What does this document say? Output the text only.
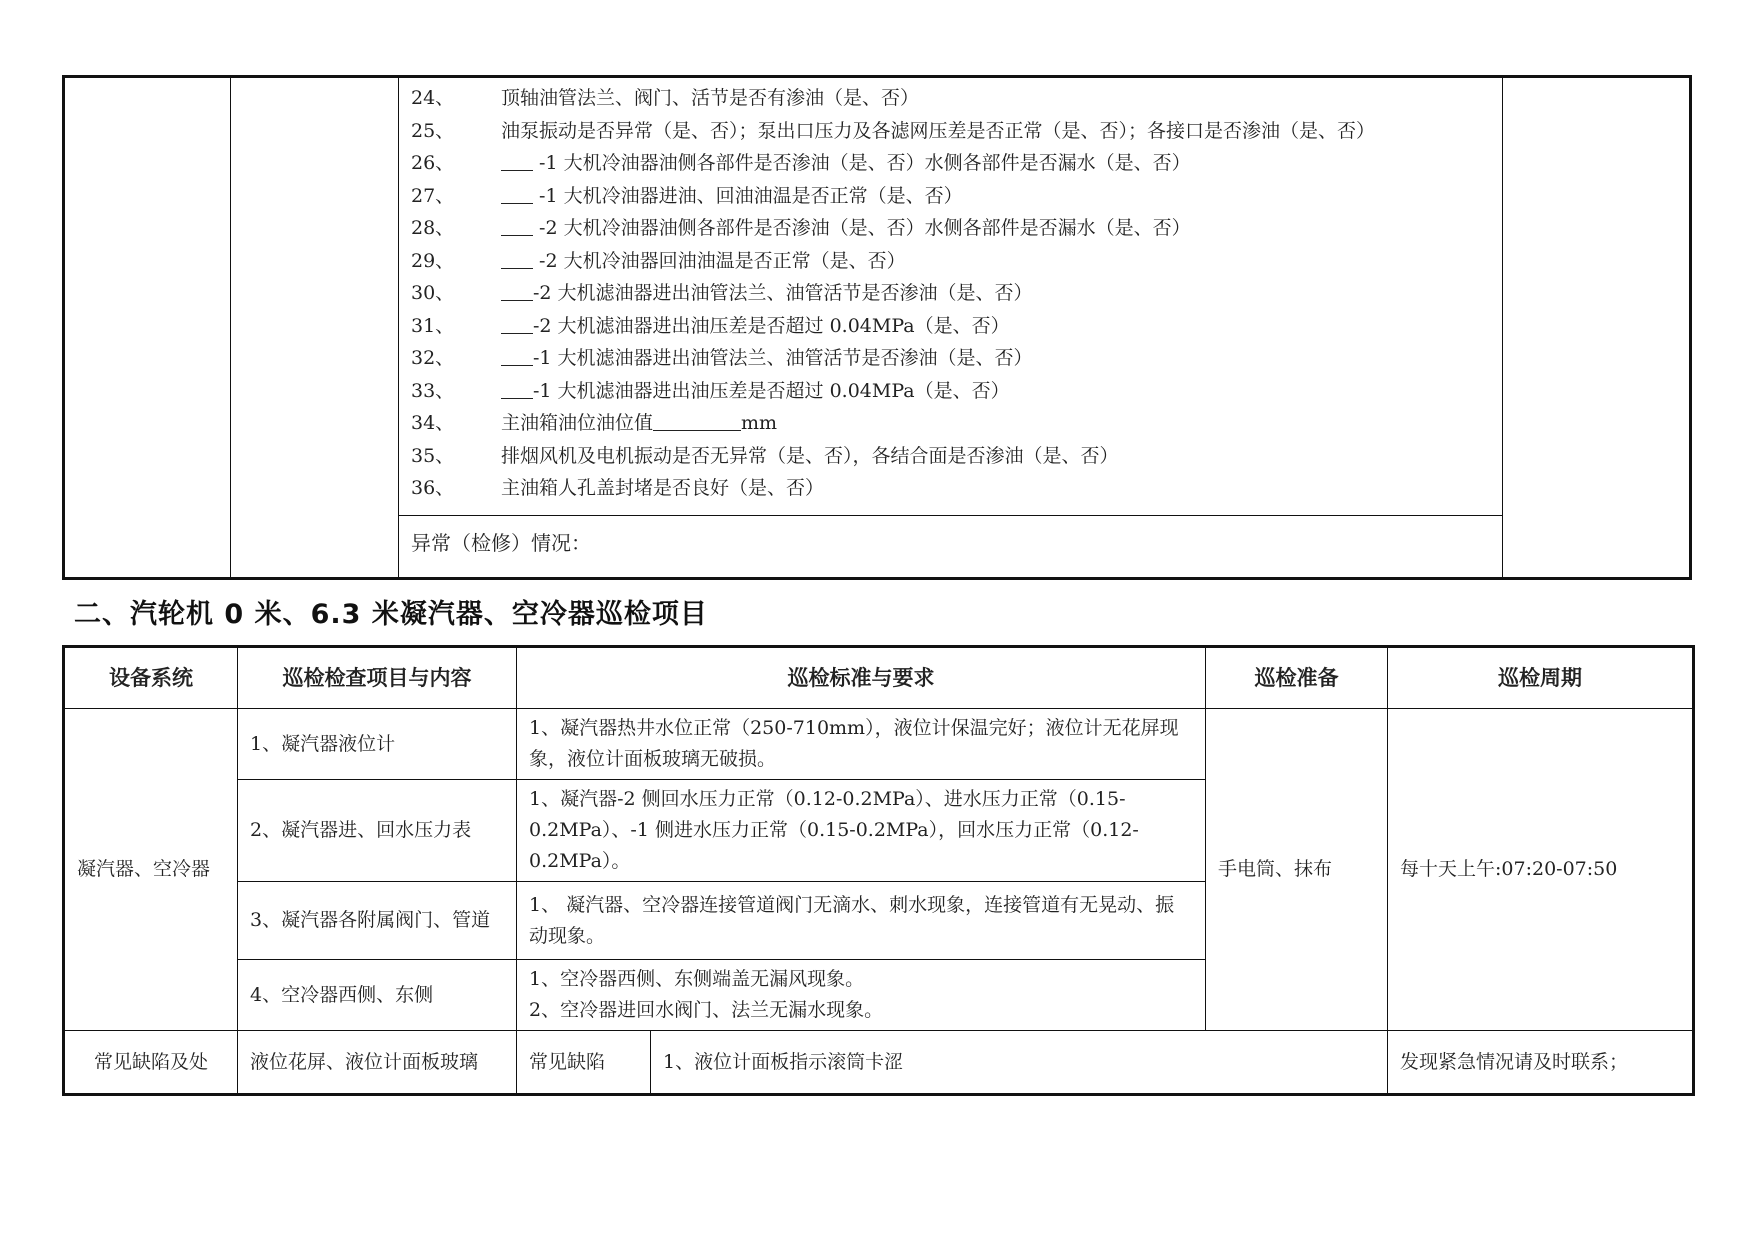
24、	顶轴油管法兰、阀门、活节是否有渗油（是、否）
25、	油泵振动是否异常（是、否）；泵出口压力及各滤网压差是否正常（是、否）；各接口是否渗油（是、否）
26、	-1 大机冷油器油侧各部件是否渗油（是、否）水侧各部件是否漏水（是、否）
27、	-1 大机冷油器进油、回油油温是否正常（是、否）
28、	-2 大机冷油器油侧各部件是否渗油（是、否）水侧各部件是否漏水（是、否）
29、	-2 大机冷油器回油油温是否正常（是、否）
30、	-2 大机滤油器进出油管法兰、油管活节是否渗油（是、否）
31、	-2 大机滤油器进出油压差是否超过 0.04MPa（是、否）
32、	-1 大机滤油器进出油管法兰、油管活节是否渗油（是、否）
33、	-1 大机滤油器进出油压差是否超过 0.04MPa（是、否）
34、	主油箱油位油位值	mm
35、	排烟风机及电机振动是否无异常（是、否），各结合面是否渗油（是、否）
36、	主油箱人孔盖封堵是否良好（是、否）
异常（检修）情况：
二、汽轮机 0 米、6.3 米凝汽器、空冷器巡检项目
设备系统	巡检检查项目与内容	巡检标准与要求		巡检准备	巡检周期
凝汽器、空冷器	1、凝汽器液位计	1、凝汽器热井水位正常（250-710mm），液位计保温完好；液位计无花屏现象，液位计面板玻璃无破损。		手电筒、抹布	每十天上午:07:20-07:50
	2、凝汽器进、回水压力表	1、凝汽器-2 侧回水压力正常（0.12-0.2MPa）、进水压力正常（0.15-0.2MPa）、-1 侧进水压力正常（0.15-0.2MPa），回水压力正常（0.12-0.2MPa）。			
	3、凝汽器各附属阀门、管道	1、 凝汽器、空冷器连接管道阀门无滴水、刺水现象，连接管道有无晃动、振动现象。			
	4、空冷器西侧、东侧	1、空冷器西侧、东侧端盖无漏风现象。
2、空冷器进回水阀门、法兰无漏水现象。			

常见缺陷及处	液位花屏、液位计面板玻璃	常见缺陷	1、液位计面板指示滚筒卡涩		发现紧急情况请及时联系；
